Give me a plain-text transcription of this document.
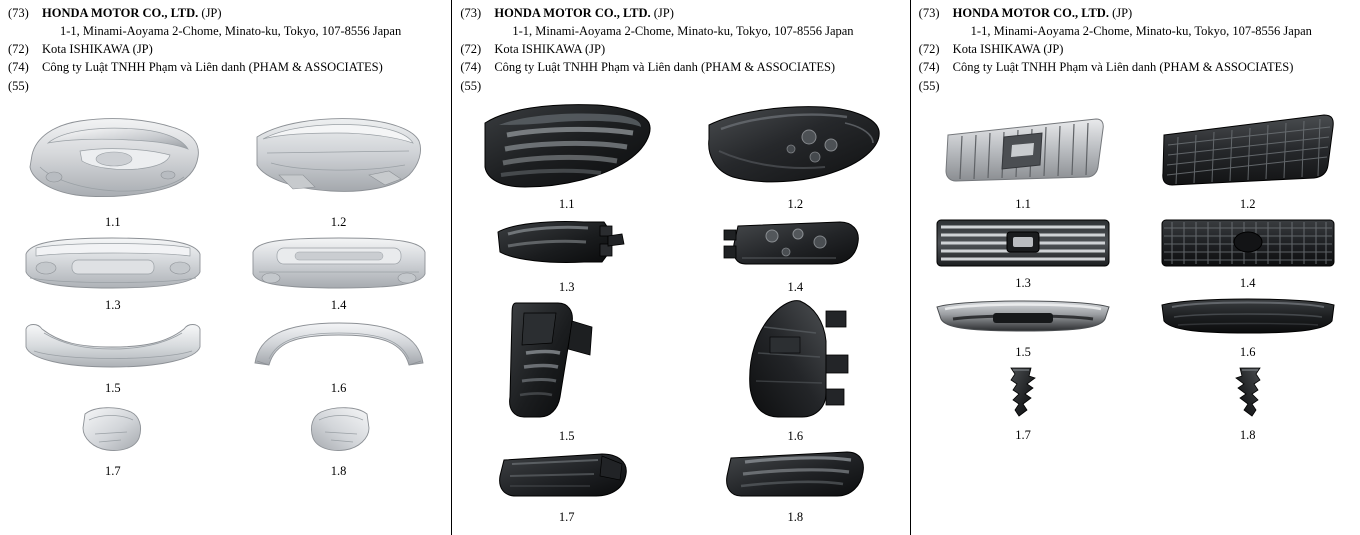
(73)	HONDA MOTOR CO., LTD. (JP)
1-1, Minami-Aoyama 2-Chome, Minato-ku, Tokyo, 107-8556 Japan
(72)	Kota ISHIKAWA (JP)
(74)	Công ty Luật TNHH Phạm và Liên danh (PHAM & ASSOCIATES)
(55)
1.1	1.2
1.3	1.4
1.5	1.6
1.7	1.8
(73)	HONDA MOTOR CO., LTD. (JP)
1-1, Minami-Aoyama 2-Chome, Minato-ku, Tokyo, 107-8556 Japan
(72)	Kota ISHIKAWA (JP)
(74)	Công ty Luật TNHH Phạm và Liên danh (PHAM & ASSOCIATES)
(55)
1.1	1.2
1.3	1.4
1.5	1.6
1.7	1.8
(73)	HONDA MOTOR CO., LTD. (JP)
1-1, Minami-Aoyama 2-Chome, Minato-ku, Tokyo, 107-8556 Japan
(72)	Kota ISHIKAWA (JP)
(74)	Công ty Luật TNHH Phạm và Liên danh (PHAM & ASSOCIATES)
(55)
1.1	1.2
1.3	1.4
1.5	1.6
1.7	1.8
